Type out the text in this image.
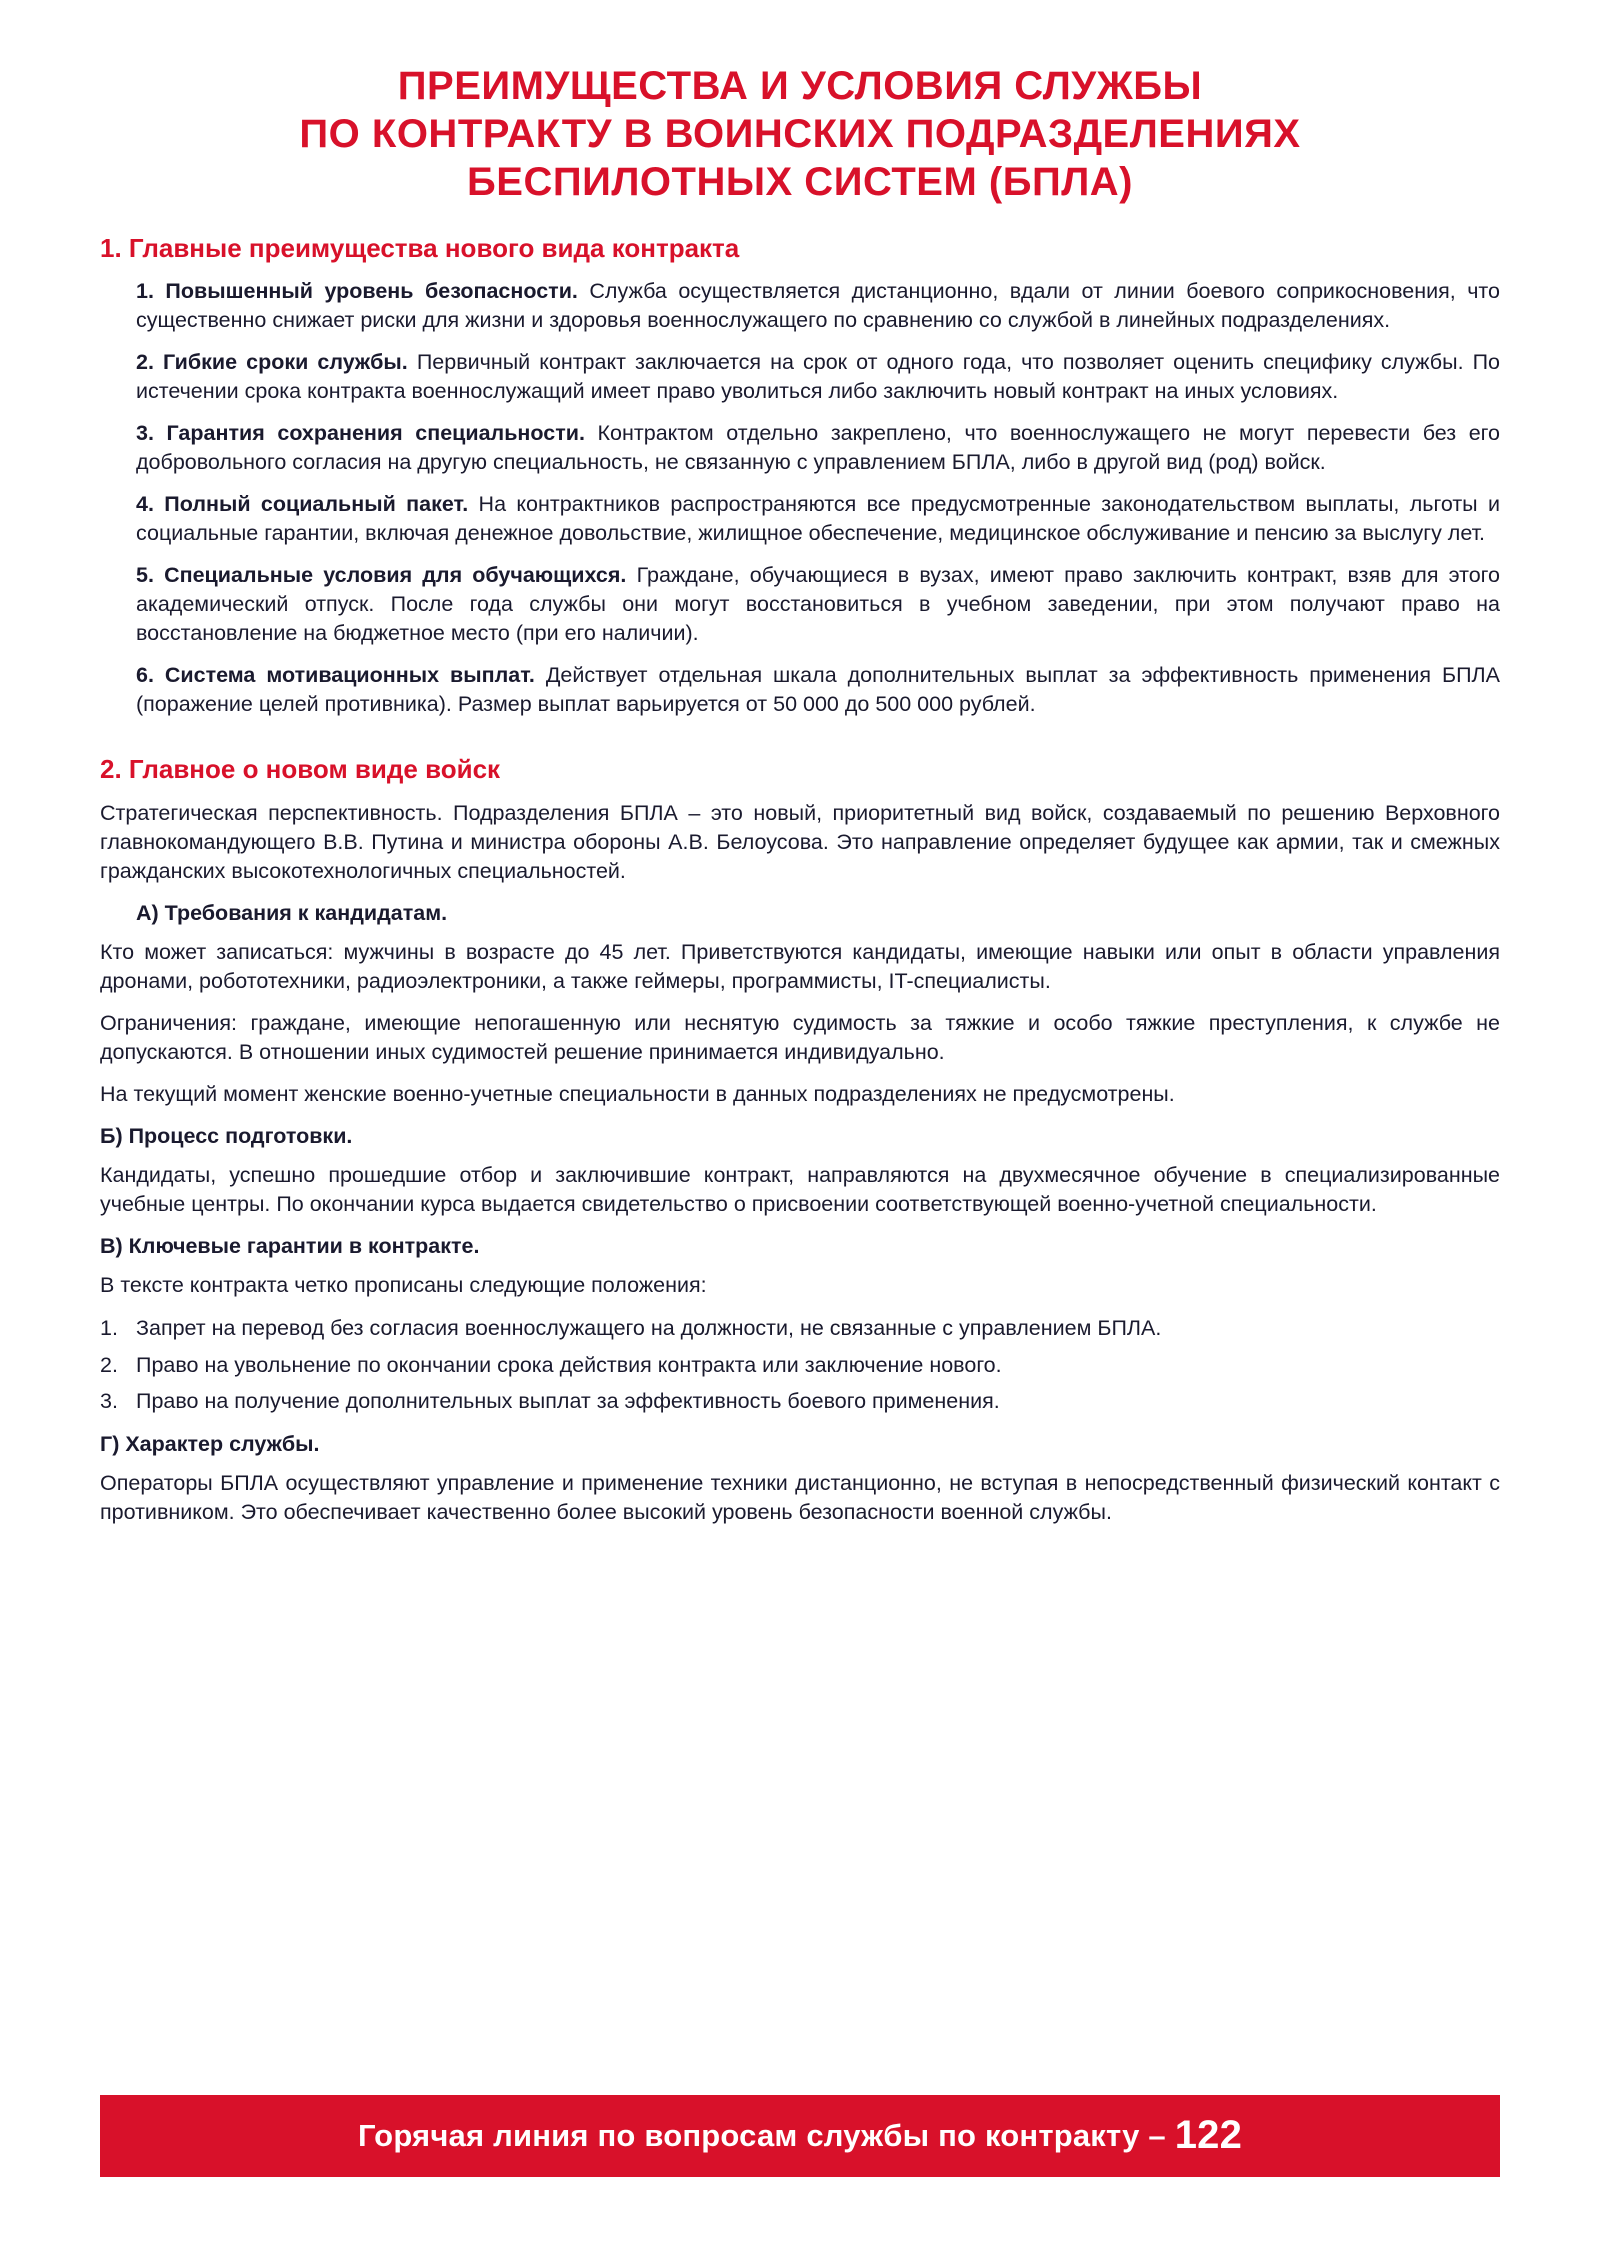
ПРЕИМУЩЕСТВА И УСЛОВИЯ СЛУЖБЫ
ПО КОНТРАКТУ В ВОИНСКИХ ПОДРАЗДЕЛЕНИЯХ
БЕСПИЛОТНЫХ СИСТЕМ (БПЛА)
1. Главные преимущества нового вида контракта

1. Повышенный уровень безопасности. Служба осуществляется дистанционно, вдали от линии боевого соприкосновения, что существенно снижает риски для жизни и здоровья военнослужащего по сравнению со службой в линейных подразделениях.

2. Гибкие сроки службы. Первичный контракт заключается на срок от одного года, что позволяет оценить специфику службы. По истечении срока контракта военнослужащий имеет право уволиться либо заключить новый контракт на иных условиях.

3. Гарантия сохранения специальности. Контрактом отдельно закреплено, что военнослужащего не могут перевести без его добровольного согласия на другую специальность, не связанную с управлением БПЛА, либо в другой вид (род) войск.

4. Полный социальный пакет. На контрактников распространяются все предусмотренные законодательством выплаты, льготы и социальные гарантии, включая денежное довольствие, жилищное обеспечение, медицинское обслуживание и пенсию за выслугу лет.

5. Специальные условия для обучающихся. Граждане, обучающиеся в вузах, имеют право заключить контракт, взяв для этого академический отпуск. После года службы они могут восстановиться в учебном заведении, при этом получают право на восстановление на бюджетное место (при его наличии).

6. Система мотивационных выплат. Действует отдельная шкала дополнительных выплат за эффективность применения БПЛА (поражение целей противника). Размер выплат варьируется от 50 000 до 500 000 рублей.

2. Главное о новом виде войск

Стратегическая перспективность. Подразделения БПЛА – это новый, приоритетный вид войск, создаваемый по решению Верховного главнокомандующего В.В. Путина и министра обороны А.В. Белоусова. Это направление определяет будущее как армии, так и смежных гражданских высокотехнологичных специальностей.

А) Требования к кандидатам.

Кто может записаться: мужчины в возрасте до 45 лет. Приветствуются кандидаты, имеющие навыки или опыт в области управления дронами, робототехники, радиоэлектроники, а также геймеры, программисты, IT-специалисты.

Ограничения: граждане, имеющие непогашенную или неснятую судимость за тяжкие и особо тяжкие преступления, к службе не допускаются. В отношении иных судимостей решение принимается индивидуально.

На текущий момент женские военно-учетные специальности в данных подразделениях не предусмотрены.

Б) Процесс подготовки.

Кандидаты, успешно прошедшие отбор и заключившие контракт, направляются на двухмесячное обучение в специализированные учебные центры. По окончании курса выдается свидетельство о присвоении соответствующей военно-учетной специальности.

В) Ключевые гарантии в контракте.

В тексте контракта четко прописаны следующие положения:

1. Запрет на перевод без согласия военнослужащего на должности, не связанные с управлением БПЛА.
2. Право на увольнение по окончании срока действия контракта или заключение нового.
3. Право на получение дополнительных выплат за эффективность боевого применения.
Г) Характер службы.

Операторы БПЛА осуществляют управление и применение техники дистанционно, не вступая в непосредственный физический контакт с противником. Это обеспечивает качественно более высокий уровень безопасности военной службы.

Горячая линия по вопросам службы по контракту – 122
